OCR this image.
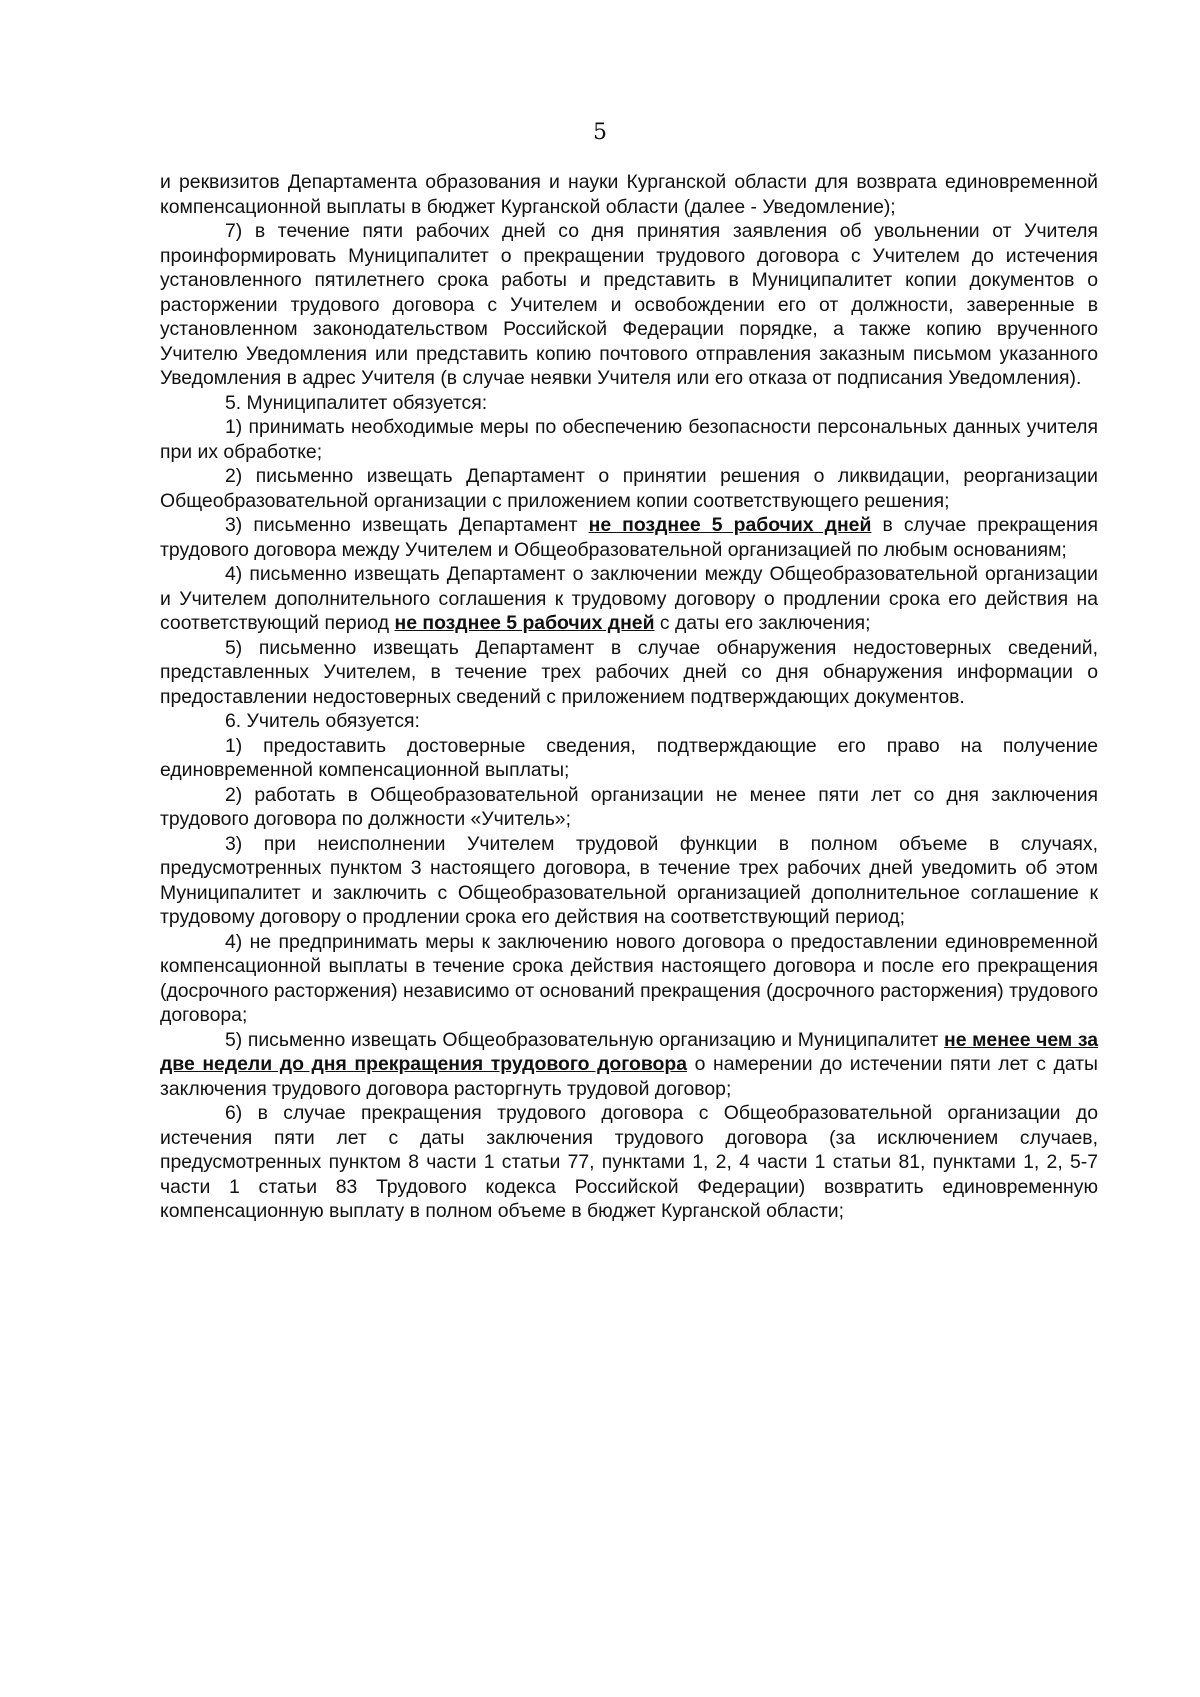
5

и реквизитов Департамента образования и науки Курганской области для возврата единовременной компенсационной выплаты в бюджет Курганской области (далее - Уведомление);

7) в течение пяти рабочих дней со дня принятия заявления об увольнении от Учителя проинформировать Муниципалитет о прекращении трудового договора с Учителем до истечения установленного пятилетнего срока работы и представить в Муниципалитет копии документов о расторжении трудового договора с Учителем и освобождении его от должности, заверенные в установленном законодательством Российской Федерации порядке, а также копию врученного Учителю Уведомления или представить копию почтового отправления заказным письмом указанного Уведомления в адрес Учителя (в случае неявки Учителя или его отказа от подписания Уведомления).

5. Муниципалитет обязуется:

1) принимать необходимые меры по обеспечению безопасности персональных данных учителя при их обработке;

2) письменно извещать Департамент о принятии решения о ликвидации, реорганизации Общеобразовательной организации с приложением копии соответствующего решения;

3) письменно извещать Департамент не позднее 5 рабочих дней в случае прекращения трудового договора между Учителем и Общеобразовательной организацией по любым основаниям;

4) письменно извещать Департамент о заключении между Общеобразовательной организации и Учителем дополнительного соглашения к трудовому договору о продлении срока его действия на соответствующий период не позднее 5 рабочих дней с даты его заключения;

5) письменно извещать Департамент в случае обнаружения недостоверных сведений, представленных Учителем, в течение трех рабочих дней со дня обнаружения информации о предоставлении недостоверных сведений с приложением подтверждающих документов.

6. Учитель обязуется:

1) предоставить достоверные сведения, подтверждающие его право на получение единовременной компенсационной выплаты;

2) работать в Общеобразовательной организации не менее пяти лет со дня заключения трудового договора по должности «Учитель»;

3) при неисполнении Учителем трудовой функции в полном объеме в случаях, предусмотренных пунктом 3 настоящего договора, в течение трех рабочих дней уведомить об этом Муниципалитет и заключить с Общеобразовательной организацией дополнительное соглашение к трудовому договору о продлении срока его действия на соответствующий период;

4) не предпринимать меры к заключению нового договора о предоставлении единовременной компенсационной выплаты в течение срока действия настоящего договора и после его прекращения (досрочного расторжения) независимо от оснований прекращения (досрочного расторжения) трудового договора;

5) письменно извещать Общеобразовательную организацию и Муниципалитет не менее чем за две недели до дня прекращения трудового договора о намерении до истечении пяти лет с даты заключения трудового договора расторгнуть трудовой договор;

6) в случае прекращения трудового договора с Общеобразовательной организации до истечения пяти лет с даты заключения трудового договора (за исключением случаев, предусмотренных пунктом 8 части 1 статьи 77, пунктами 1, 2, 4 части 1 статьи 81, пунктами 1, 2, 5-7 части 1 статьи 83 Трудового кодекса Российской Федерации) возвратить единовременную компенсационную выплату в полном объеме в бюджет Курганской области;
